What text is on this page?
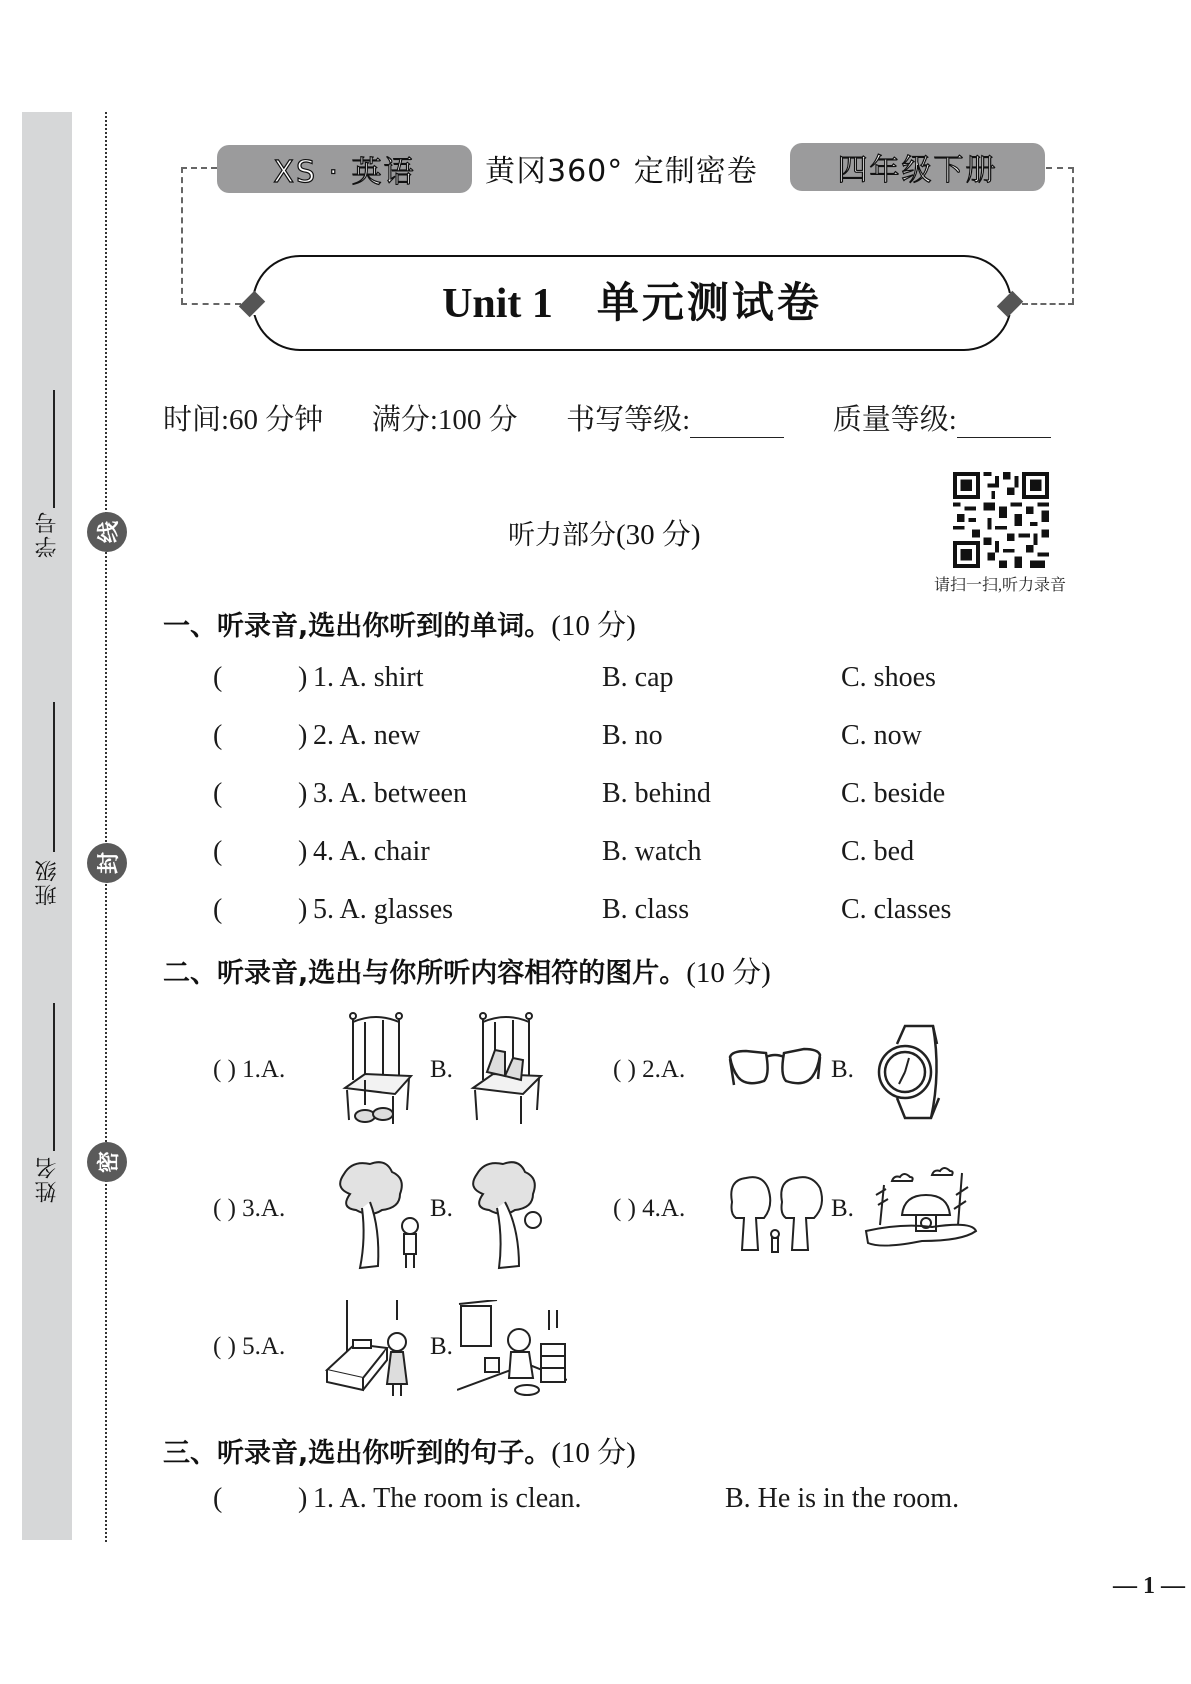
学号
班级
姓名
线
封
密
XS · 英语	黄冈360° 定制密卷	四年级下册
Unit 1 单元测试卷
时间:60 分钟 满分:100 分 书写等级:	质量等级:
请扫一扫,听力录音
听力部分(30 分)
一、听录音,选出你听到的单词。(10 分)
(	) 1. A. shirt	B. cap	C. shoes
(	) 2. A. new	B. no	C. now
(	) 3. A. between	B. behind	C. beside
(	) 4. A. chair	B. watch	C. bed
(	) 5. A. glasses	B. class	C. classes
二、听录音,选出与你所听内容相符的图片。(10 分)
( ) 1.A.	B.	( ) 2.A.	B.
( ) 3.A.	B.	( ) 4.A.	B.
( ) 5.A.	B.
三、听录音,选出你听到的句子。(10 分)
(	) 1. A. The room is clean.	B. He is in the room.
— 1 —
